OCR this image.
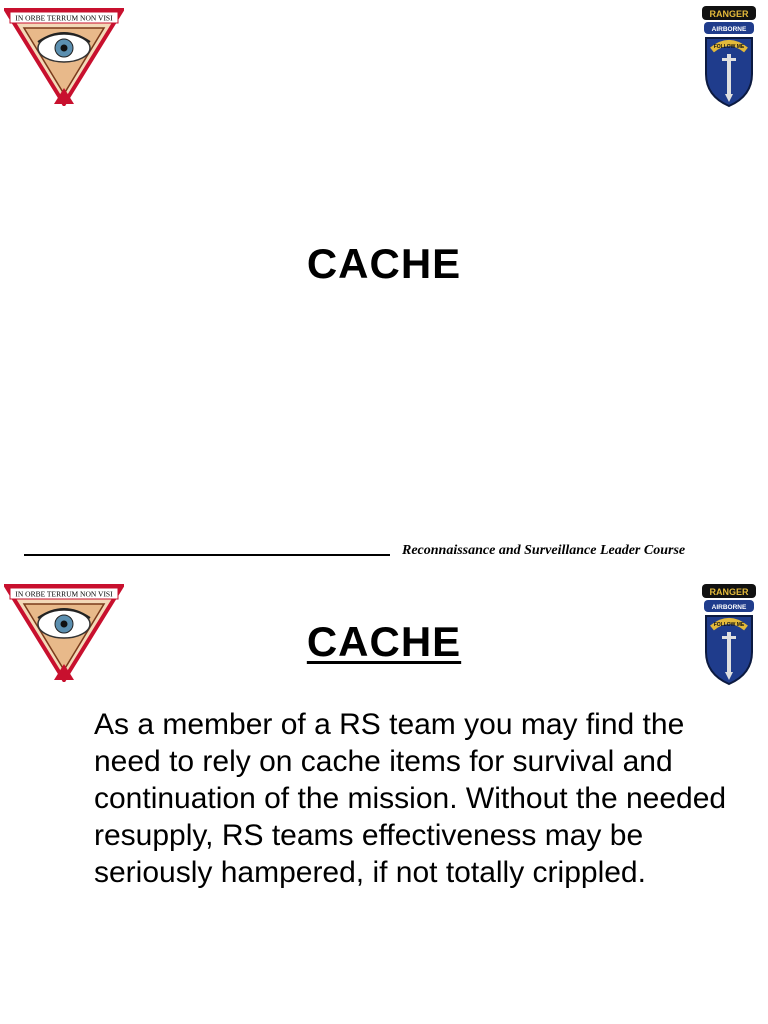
IN ORBE TERRUM NON VISI	RANGER
AIRBORNE
FOLLOW ME
CACHE
Reconnaissance and Surveillance Leader Course
IN ORBE TERRUM NON VISI	RANGER
AIRBORNE
FOLLOW ME
CACHE

As a member of a RS team you may find the need to rely on cache items for survival and continuation of the mission. Without the needed resupply, RS teams effectiveness may be seriously hampered, if not totally crippled.
